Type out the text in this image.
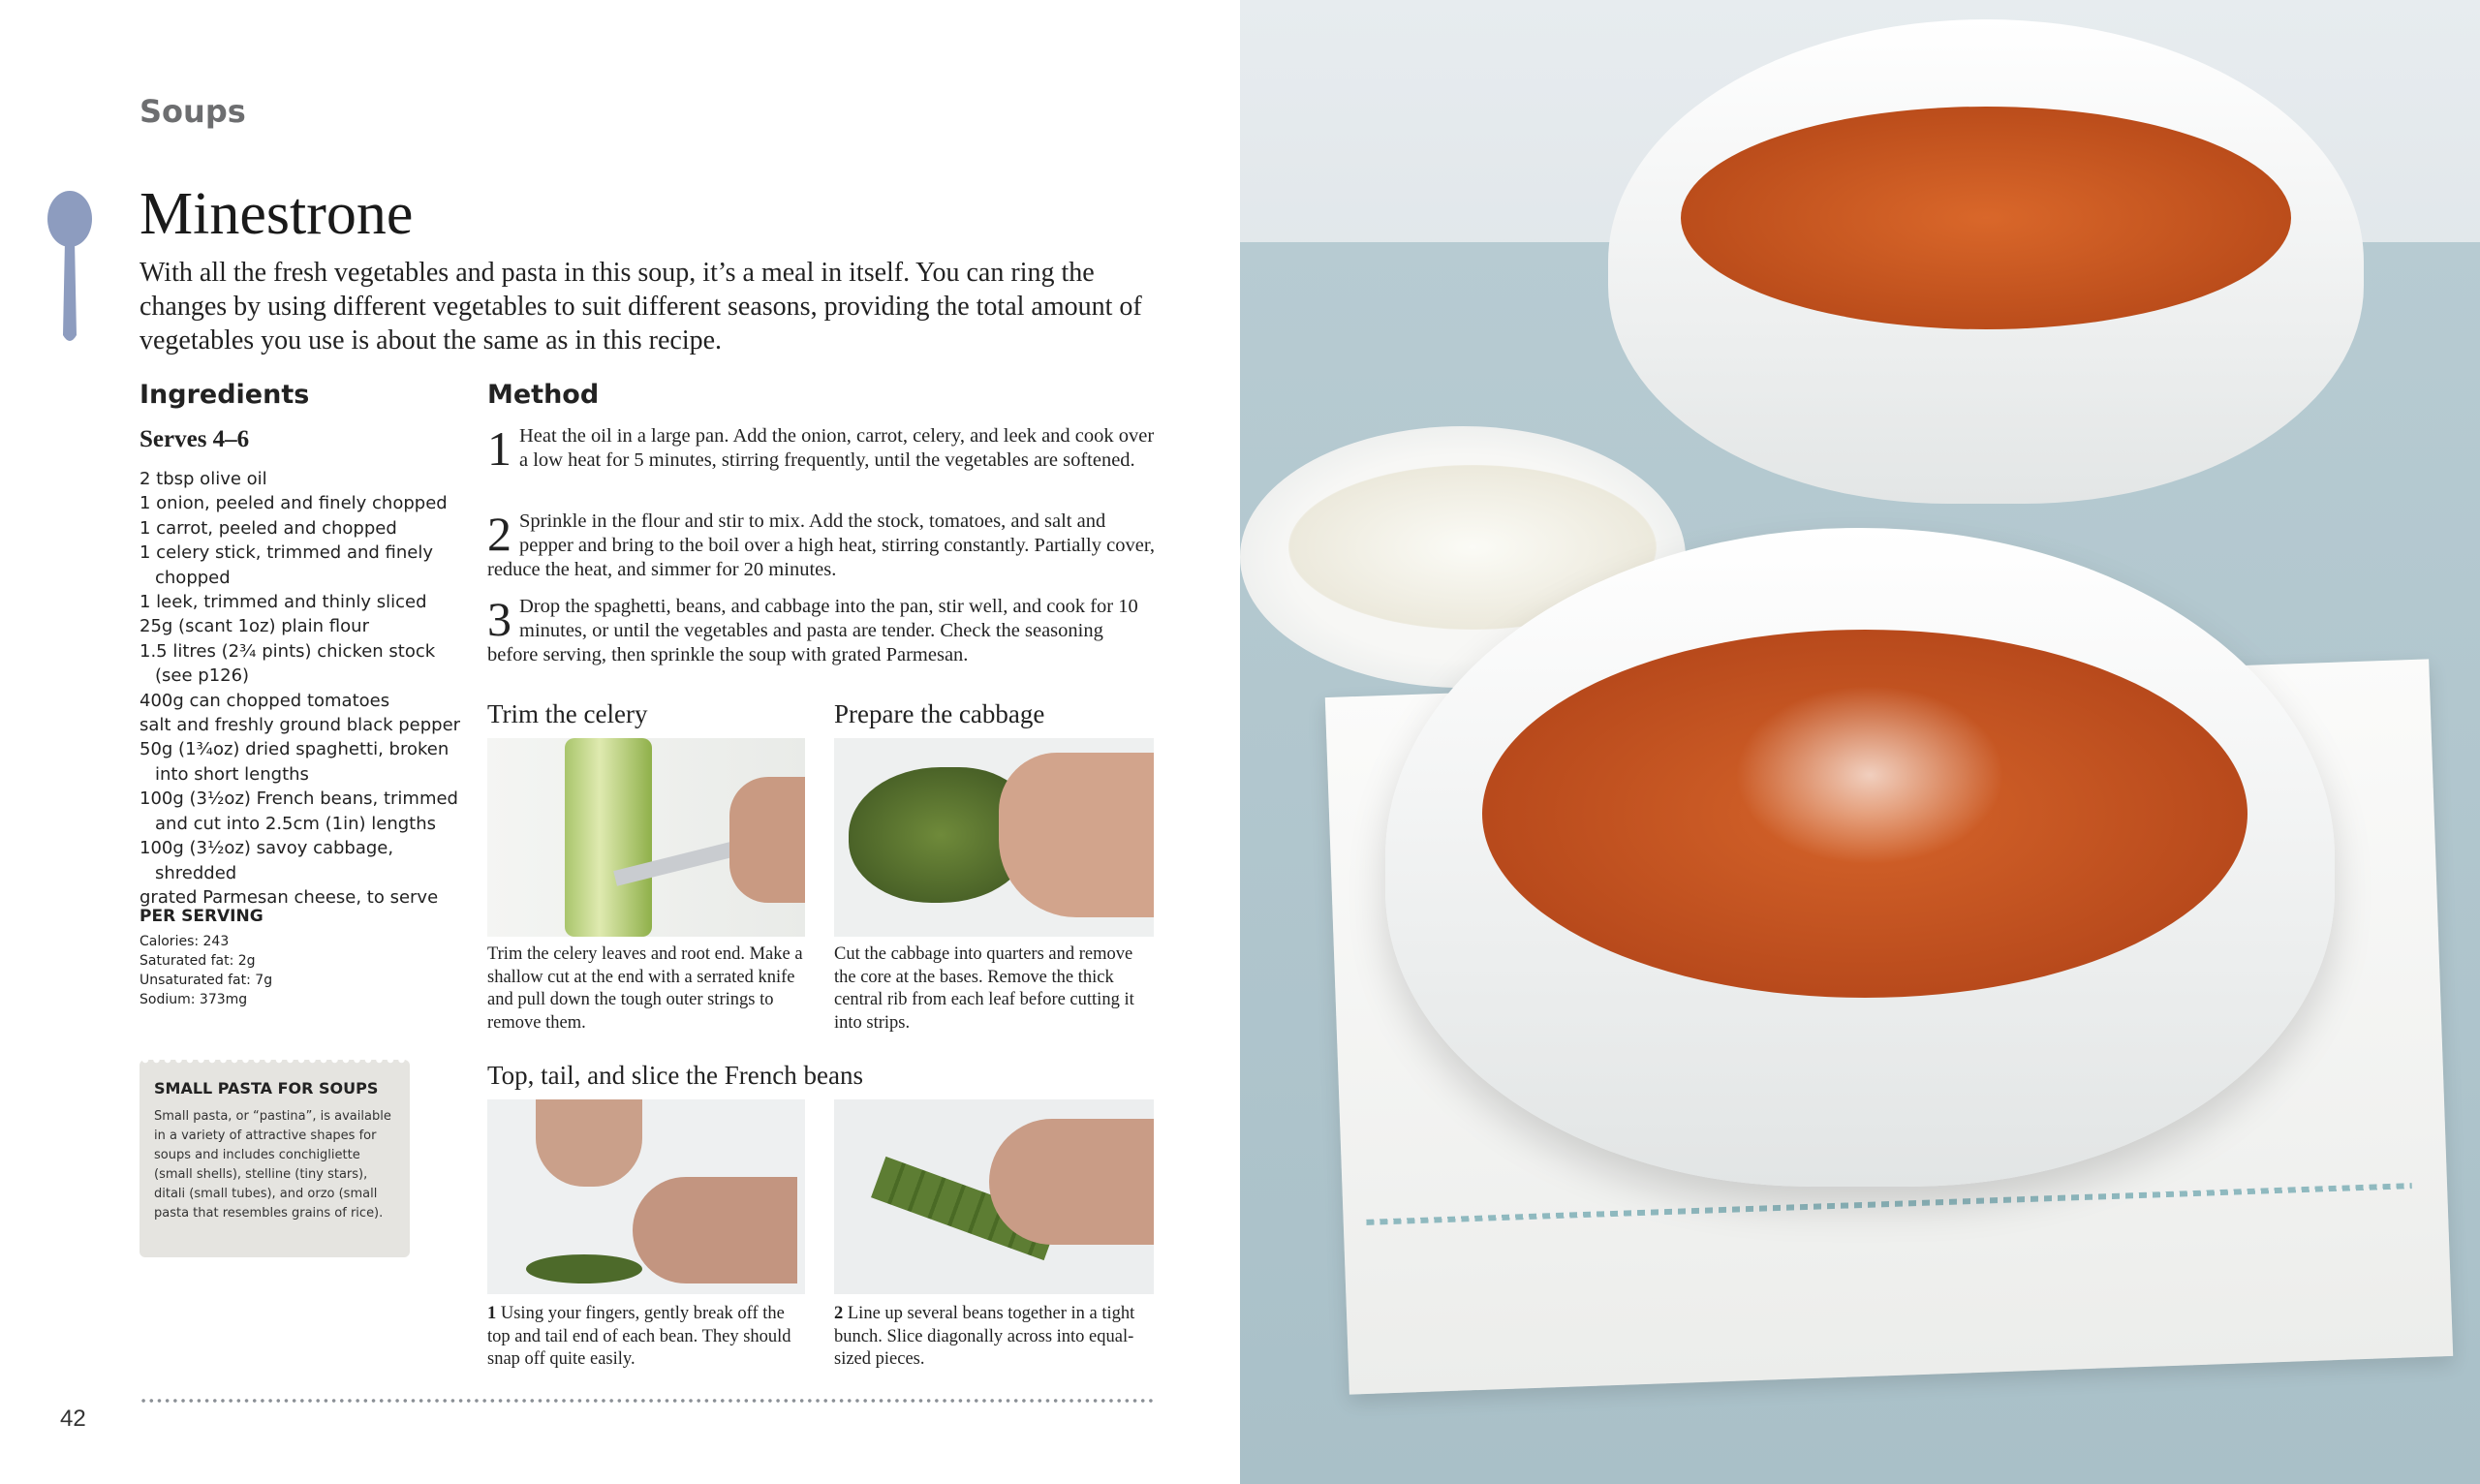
Soups
Minestrone

With all the fresh vegetables and pasta in this soup, it’s a meal in itself. You can ring the changes by using different vegetables to suit different seasons, providing the total amount of vegetables you use is about the same as in this recipe.

Ingredients
Serves 4–6
2 tbsp olive oil
1 onion, peeled and finely chopped
1 carrot, peeled and chopped
1 celery stick, trimmed and finely chopped
1 leek, trimmed and thinly sliced
25g (scant 1oz) plain flour
1.5 litres (2¾ pints) chicken stock (see p126)
400g can chopped tomatoes
salt and freshly ground black pepper
50g (1¾oz) dried spaghetti, broken into short lengths
100g (3½oz) French beans, trimmed and cut into 2.5cm (1in) lengths
100g (3½oz) savoy cabbage, shredded
grated Parmesan cheese, to serve
PER SERVING
Calories: 243
Saturated fat: 2g
Unsaturated fat: 7g
Sodium: 373mg
SMALL PASTA FOR SOUPS

Small pasta, or “pastina”, is available in a variety of attractive shapes for soups and includes conchigliette (small shells), stelline (tiny stars), ditali (small tubes), and orzo (small pasta that resembles grains of rice).

Method
1 Heat the oil in a large pan. Add the onion, carrot, celery, and leek and cook over a low heat for 5 minutes, stirring frequently, until the vegetables are softened.
2 Sprinkle in the flour and stir to mix. Add the stock, tomatoes, and salt and pepper and bring to the boil over a high heat, stirring constantly. Partially cover, reduce the heat, and simmer for 20 minutes.
3 Drop the spaghetti, beans, and cabbage into the pan, stir well, and cook for 10 minutes, or until the vegetables and pasta are tender. Check the seasoning before serving, then sprinkle the soup with grated Parmesan.
Trim the celery
Trim the celery leaves and root end. Make a shallow cut at the end with a serrated knife and pull down the tough outer strings to remove them.
Prepare the cabbage
Cut the cabbage into quarters and remove the core at the bases. Remove the thick central rib from each leaf before cutting it into strips.
Top, tail, and slice the French beans
1 Using your fingers, gently break off the top and tail end of each bean. They should snap off quite easily.
2 Line up several beans together in a tight bunch. Slice diagonally across into equal-sized pieces.
42
